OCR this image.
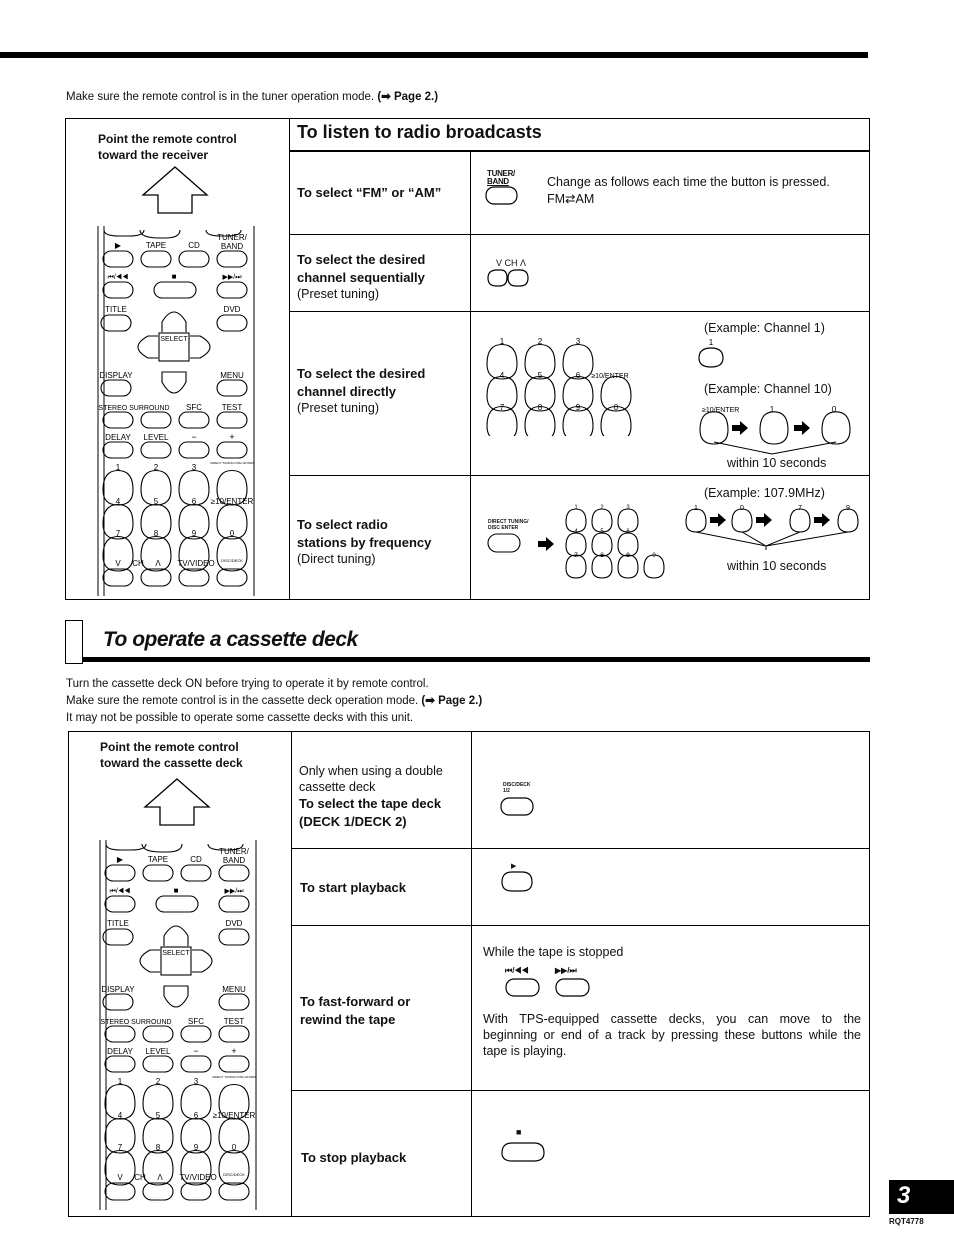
Make sure the remote control is in the tuner operation mode. (➡ Page 2.)
Point the remote control
toward the receiver
TUNER/
BAND
▶	TAPE	CD
⏮/◀◀	■	▶▶/⏭
TITLE	DVD
SELECT
DISPLAY	MENU
STEREO SURROUND SFC TEST
DELAY LEVEL	−	+
1	2	3	DIRECT TUNING/ DISC ENTER
4	5	6 ≥10/ENTER
7	8	9	0
V CH Λ TV/VIDEO DISC/DECK
To listen to radio broadcasts
To select “FM” or “AM”
TUNER/
BAND	Change as follows each time the button is pressed.
FM⇄AM
To select the desired
channel sequentially
(Preset tuning)
V CH Λ
To select the desired
channel directly
(Preset tuning)
1	2	3
4	5	6 ≥10/ENTER
7	8	9	0
(Example: Channel 1)
1
(Example: Channel 10)
≥10/ENTER	1	0
within 10 seconds
To select radio
stations by frequency
(Direct tuning)
DIRECT TUNING/
DISC ENTER
1	2	3
4	5	6
7	8	9	0
(Example: 107.9MHz)
1	0	7	9
within 10 seconds
To operate a cassette deck
Turn the cassette deck ON before trying to operate it by remote control.
Make sure the remote control is in the cassette deck operation mode. (➡ Page 2.)
It may not be possible to operate some cassette decks with this unit.
Point the remote control
toward the cassette deck
TUNER/
BAND
▶	TAPE	CD
⏮/◀◀	■	▶▶/⏭
TITLE	DVD
SELECT
DISPLAY	MENU
STEREO SURROUND SFC TEST
DELAY LEVEL	−	+
1	2	3	DIRECT TUNING/ DISC ENTER
4	5	6 ≥10/ENTER
7	8	9	0
V CH Λ TV/VIDEO DISC/DECK
Only when using a double
cassette deck
To select the tape deck
(DECK 1/DECK 2)
DISC/DECK
1/2
To start playback
▶
To fast-forward or
rewind the tape
While the tape is stopped
⏮/◀◀	▶▶/⏭
With TPS-equipped cassette decks, you can move to the
beginning or end of a track by pressing these buttons while the
tape is playing.
To stop playback
■
3
RQT4778
